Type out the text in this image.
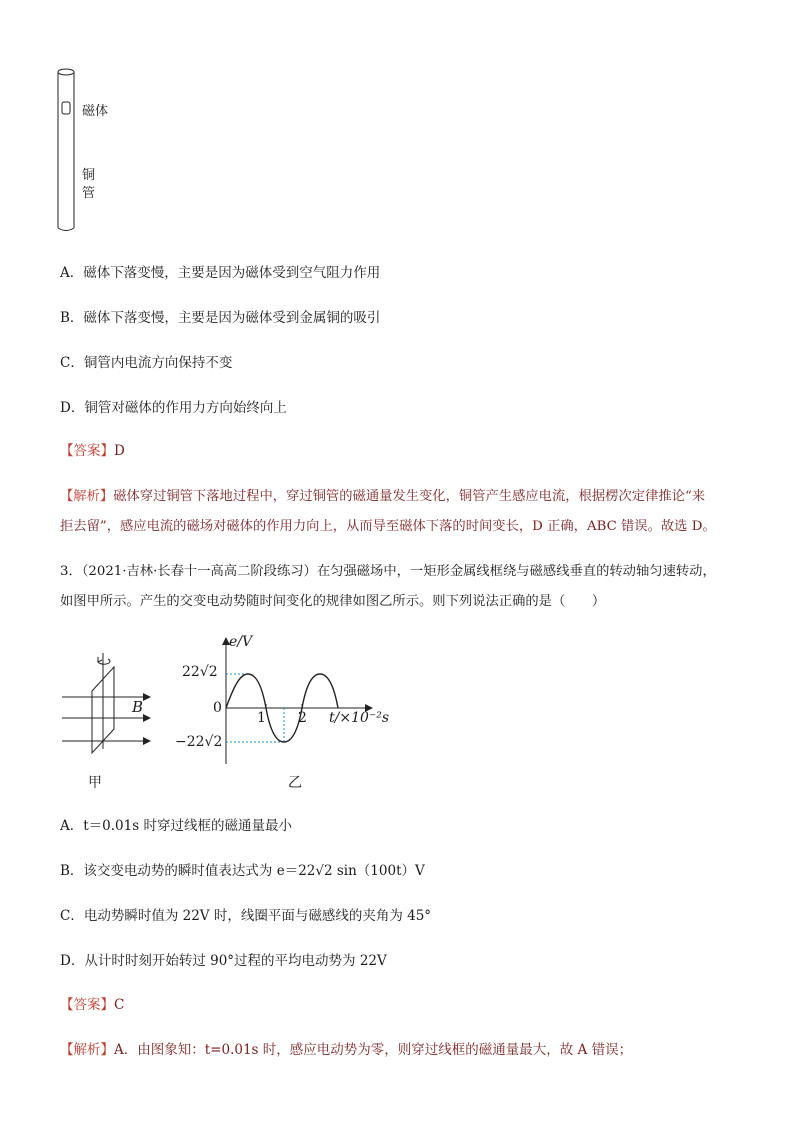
磁体
铜
管
A．磁体下落变慢，主要是因为磁体受到空气阻力作用
B．磁体下落变慢，主要是因为磁体受到金属铜的吸引
C．铜管内电流方向保持不变
D．铜管对磁体的作用力方向始终向上
【答案】D
【解析】磁体穿过铜管下落地过程中，穿过铜管的磁通量发生变化，铜管产生感应电流，根据楞次定律推论“来
拒去留”，感应电流的磁场对磁体的作用力向上，从而导至磁体下落的时间变长，D 正确，ABC 错误。故选 D。
3．（2021·吉林·长春十一高高二阶段练习）在匀强磁场中，一矩形金属线框绕与磁感线垂直的转动轴匀速转动，
如图甲所示。产生的交变电动势随时间变化的规律如图乙所示。则下列说法正确的是（　　）
B
甲
e/V
22√2
0
−22√2
1 2 t/×10⁻²s
乙
A．t＝0.01s 时穿过线框的磁通量最小
B．该交变电动势的瞬时值表达式为 e＝22√2 sin（100t）V
C．电动势瞬时值为 22V 时，线圈平面与磁感线的夹角为 45°
D．从计时时刻开始转过 90°过程的平均电动势为 22V
【答案】C
【解析】A．由图象知：t=0.01s 时，感应电动势为零，则穿过线框的磁通量最大，故 A 错误；
